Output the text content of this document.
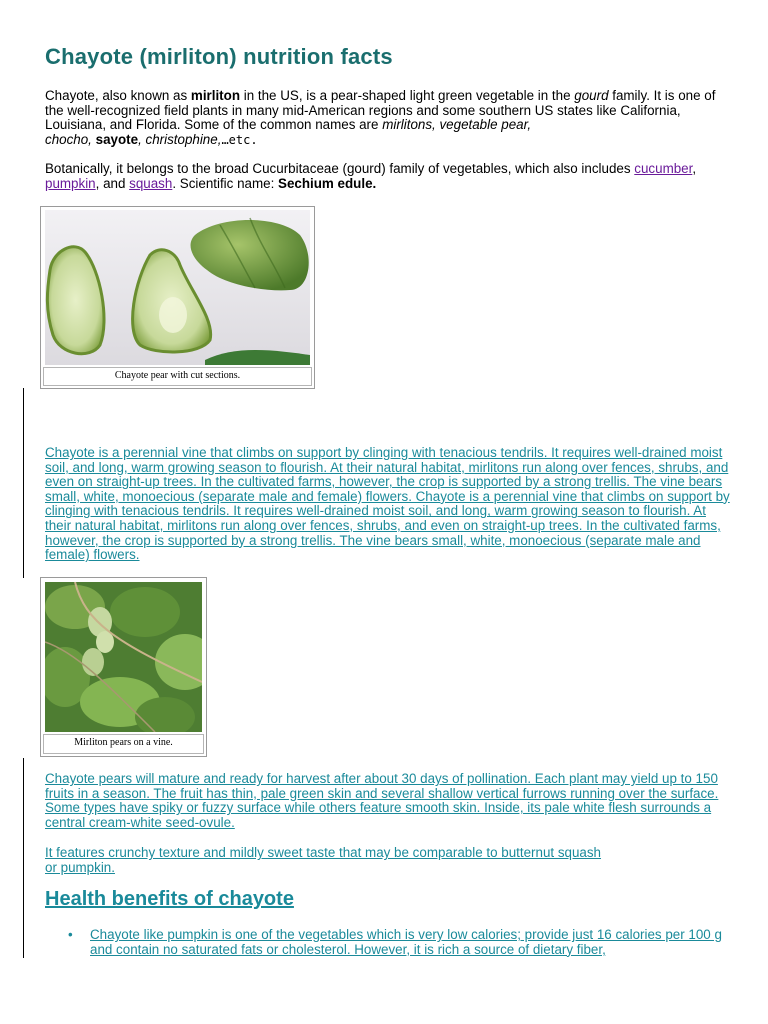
Chayote (mirliton) nutrition facts

Chayote, also known as mirliton in the US, is a pear-shaped light green vegetable in the gourd family. It is one of the well-recognized field plants in many mid-American regions and some southern US states like California, Louisiana, and Florida. Some of the common names are mirlitons, vegetable pear,
chocho, sayote, christophine,…etc.

Botanically, it belongs to the broad Cucurbitaceae (gourd) family of vegetables, which also includes cucumber, pumpkin, and squash. Scientific name: Sechium edule.

Chayote pear with cut sections.

Chayote is a perennial vine that climbs on support by clinging with tenacious tendrils. It requires well-drained moist soil, and long, warm growing season to flourish. At their natural habitat, mirlitons run along over fences, shrubs, and even on straight-up trees. In the cultivated farms, however, the crop is supported by a strong trellis. The vine bears small, white, monoecious (separate male and female) flowers. Chayote is a perennial vine that climbs on support by clinging with tenacious tendrils. It requires well-drained moist soil, and long, warm growing season to flourish. At their natural habitat, mirlitons run along over fences, shrubs, and even on straight-up trees. In the cultivated farms, however, the crop is supported by a strong trellis. The vine bears small, white, monoecious (separate male and female) flowers.

Mirliton pears on a vine.

Chayote pears will mature and ready for harvest after about 30 days of pollination. Each plant may yield up to 150 fruits in a season. The fruit has thin, pale green skin and several shallow vertical furrows running over the surface. Some types have spiky or fuzzy surface while others feature smooth skin. Inside, its pale white flesh surrounds a central cream-white seed-ovule.

It features crunchy texture and mildly sweet taste that may be comparable to butternut squash or pumpkin.

Health benefits of chayote
• Chayote like pumpkin is one of the vegetables which is very low calories; provide just 16 calories per 100 g and contain no saturated fats or cholesterol. However, it is rich a source of dietary fiber,
